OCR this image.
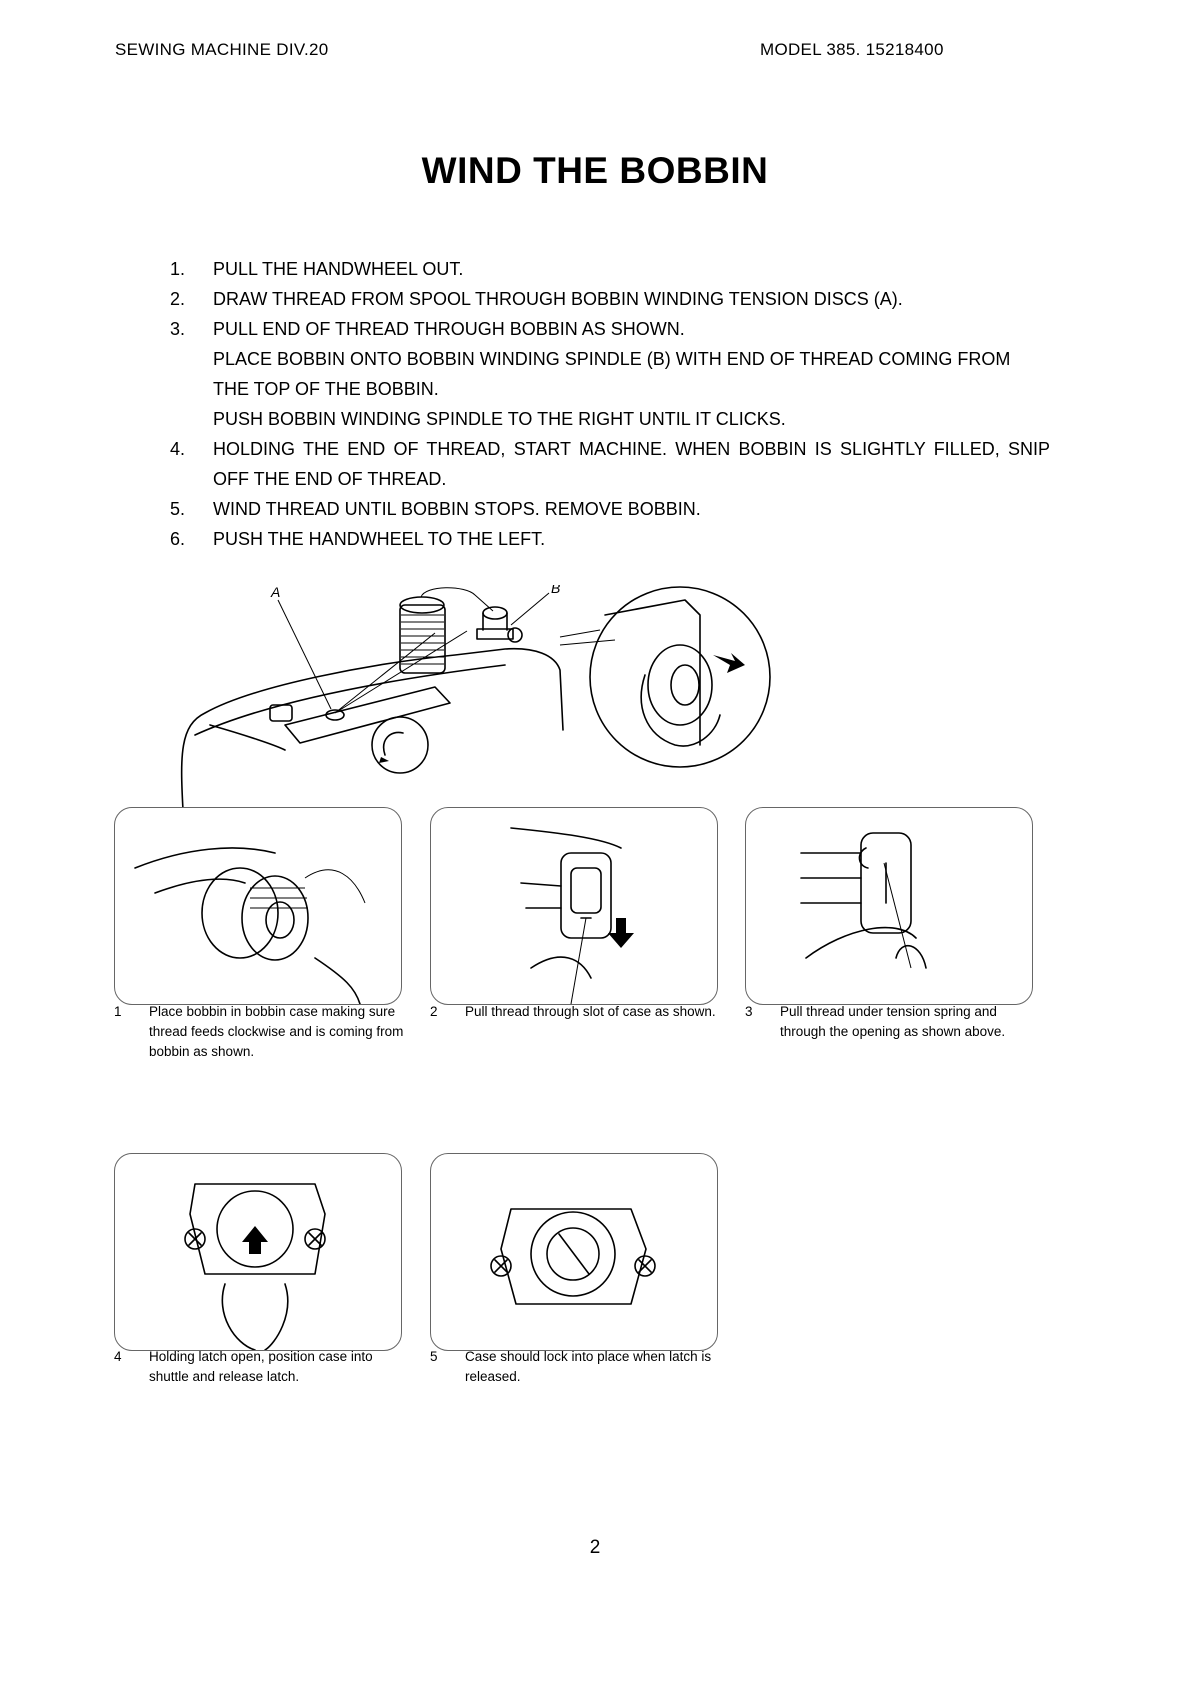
SEWING MACHINE DIV.20	MODEL 385. 15218400
WIND THE BOBBIN
1. PULL THE HANDWHEEL OUT.
2. DRAW THREAD FROM SPOOL THROUGH BOBBIN WINDING TENSION DISCS (A).
3. PULL END OF THREAD THROUGH BOBBIN AS SHOWN.
PLACE BOBBIN ONTO BOBBIN WINDING SPINDLE (B) WITH END OF THREAD COMING FROM THE TOP OF THE BOBBIN.
PUSH BOBBIN WINDING SPINDLE TO THE RIGHT UNTIL IT CLICKS.
4. HOLDING THE END OF THREAD, START MACHINE. WHEN BOBBIN IS SLIGHTLY FILLED, SNIP OFF THE END OF THREAD.
5. WIND THREAD UNTIL BOBBIN STOPS. REMOVE BOBBIN.
6. PUSH THE HANDWHEEL TO THE LEFT.
A	B
1 Place bobbin in bobbin case making sure thread feeds clockwise and is coming from bobbin as shown.
2 Pull thread through slot of case as shown.	3 Pull thread under tension spring and through the opening as shown above.
4 Holding latch open, position case into shuttle and release latch.
5 Case should lock into place when latch is released.
2
